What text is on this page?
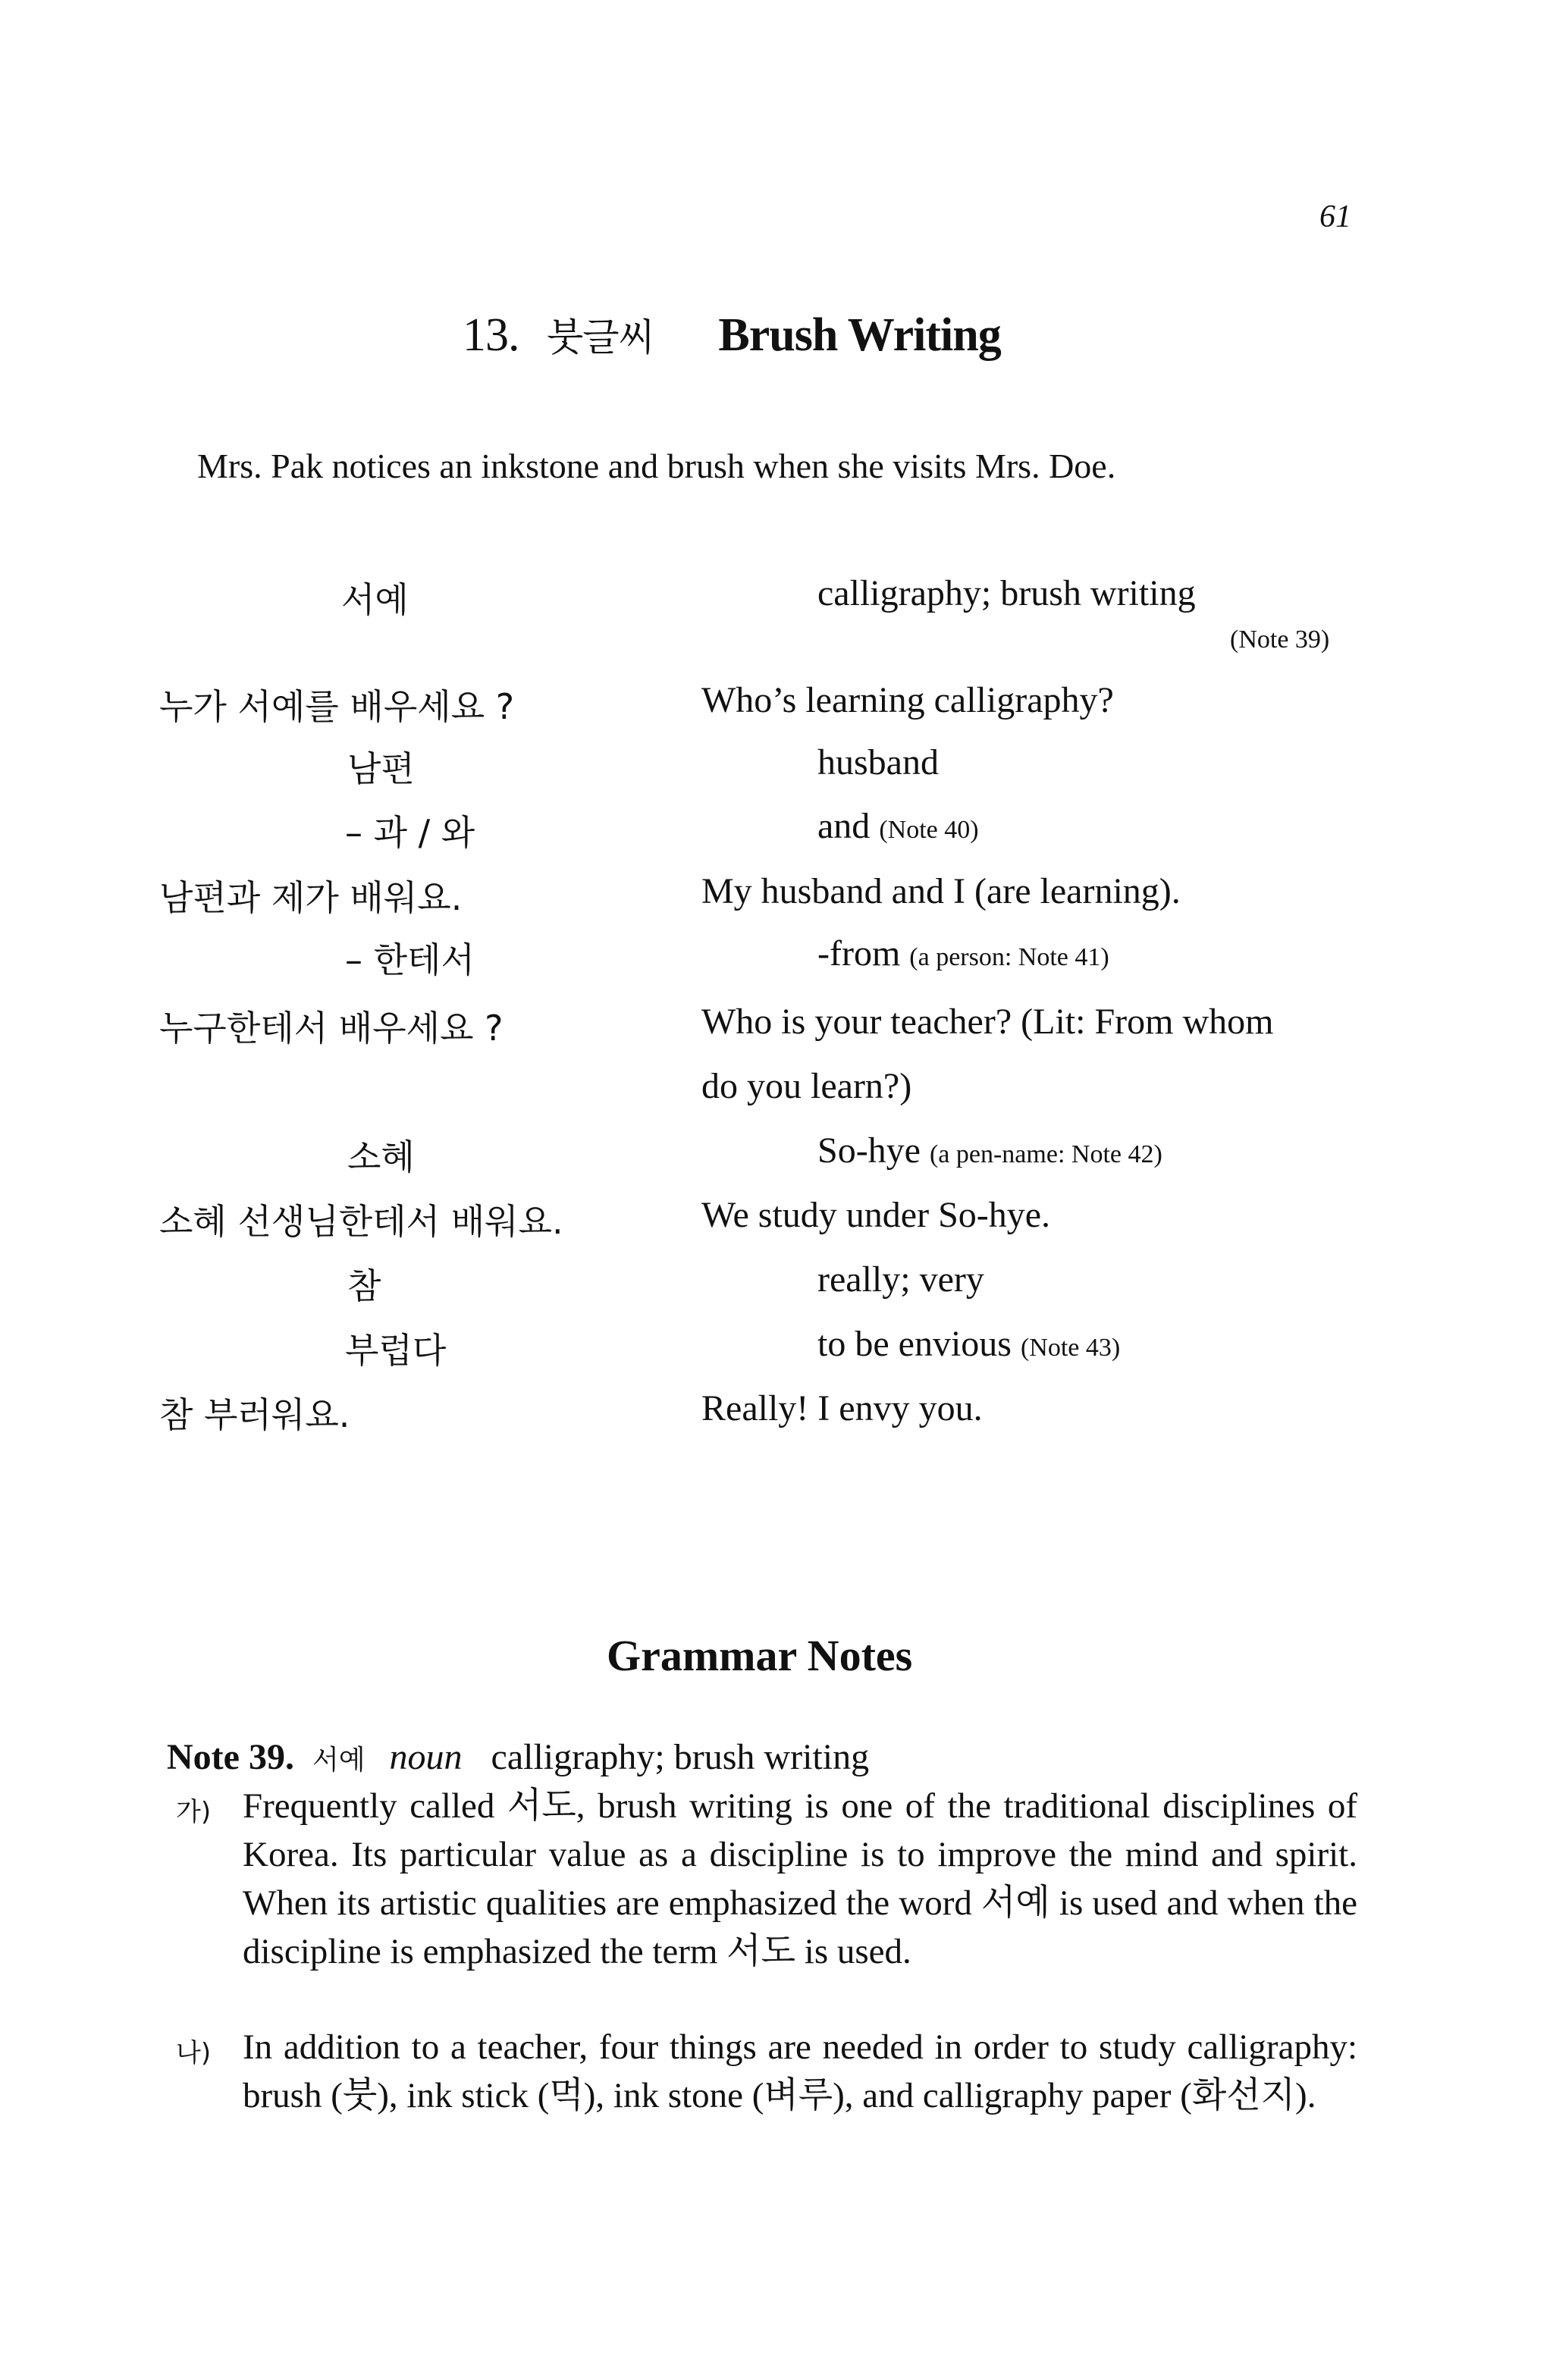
61
13. 붓글씨 Brush Writing
Mrs. Pak notices an inkstone and brush when she visits Mrs. Doe.
서예	calligraphy; brush writing
(Note 39)
누가 서예를 배우세요 ?	Who’s learning calligraphy?
남편	husband
– 과 / 와	and (Note 40)
남편과 제가 배워요.	My husband and I (are learning).
– 한테서	-from (a person: Note 41)
누구한테서 배우세요 ?	Who is your teacher? (Lit: From whom
do you learn?)
소혜	So-hye (a pen-name: Note 42)
소혜 선생님한테서 배워요.	We study under So-hye.
참	really; very
부럽다	to be envious (Note 43)
참 부러워요.	Really! I envy you.
Grammar Notes
Note 39. 서예 noun calligraphy; brush writing
가) Frequently called 서도, brush writing is one of the traditional disciplines of Korea. Its particular value as a discipline is to improve the mind and spirit. When its artistic qualities are emphasized the word 서예 is used and when the discipline is emphasized the term 서도 is used.
나) In addition to a teacher, four things are needed in order to study calligraphy: brush (붓), ink stick (먹), ink stone (벼루), and calligraphy paper (화선지).
